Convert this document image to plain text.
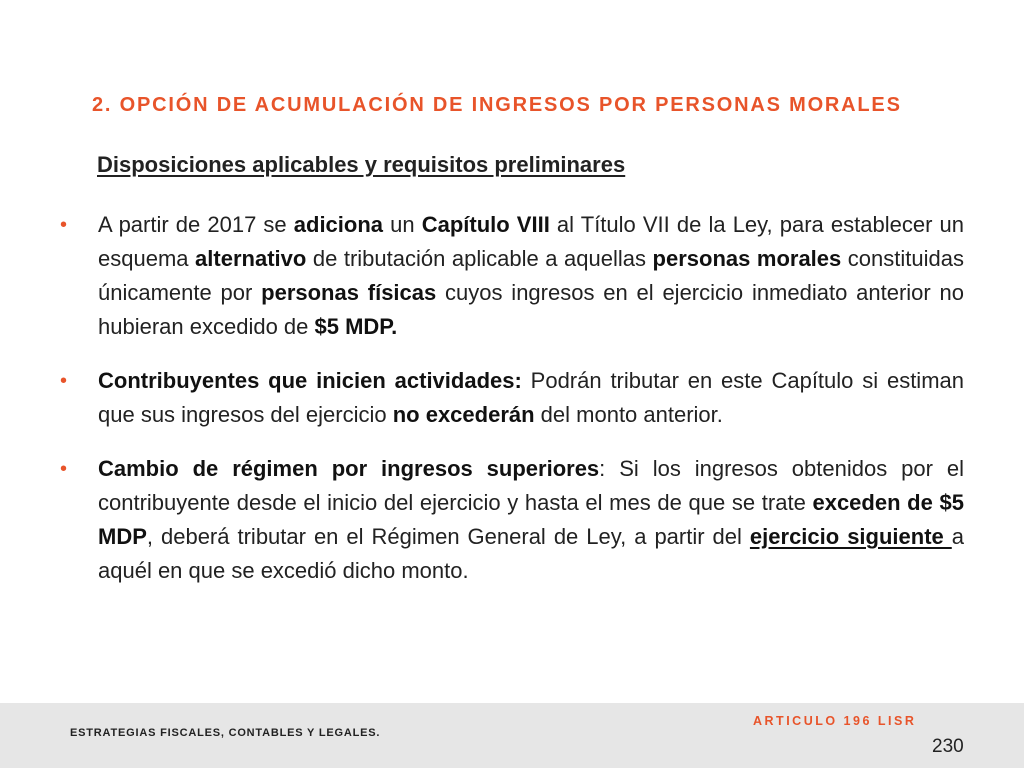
2. OPCIÓN DE ACUMULACIÓN DE INGRESOS POR PERSONAS MORALES
Disposiciones aplicables y requisitos preliminares
• A partir de 2017 se adiciona un Capítulo VIII al Título VII de la Ley, para establecer un esquema alternativo de tributación aplicable a aquellas personas morales constituidas únicamente por personas físicas cuyos ingresos en el ejercicio inmediato anterior no hubieran excedido de $5 MDP.
• Contribuyentes que inicien actividades: Podrán tributar en este Capítulo si estiman que sus ingresos del ejercicio no excederán del monto anterior.
• Cambio de régimen por ingresos superiores: Si los ingresos obtenidos por el contribuyente desde el inicio del ejercicio y hasta el mes de que se trate exceden de $5 MDP, deberá tributar en el Régimen General de Ley, a partir del ejercicio siguiente a aquél en que se excedió dicho monto.
ESTRATEGIAS FISCALES, CONTABLES Y LEGALES.
ARTICULO 196 LISR
230
